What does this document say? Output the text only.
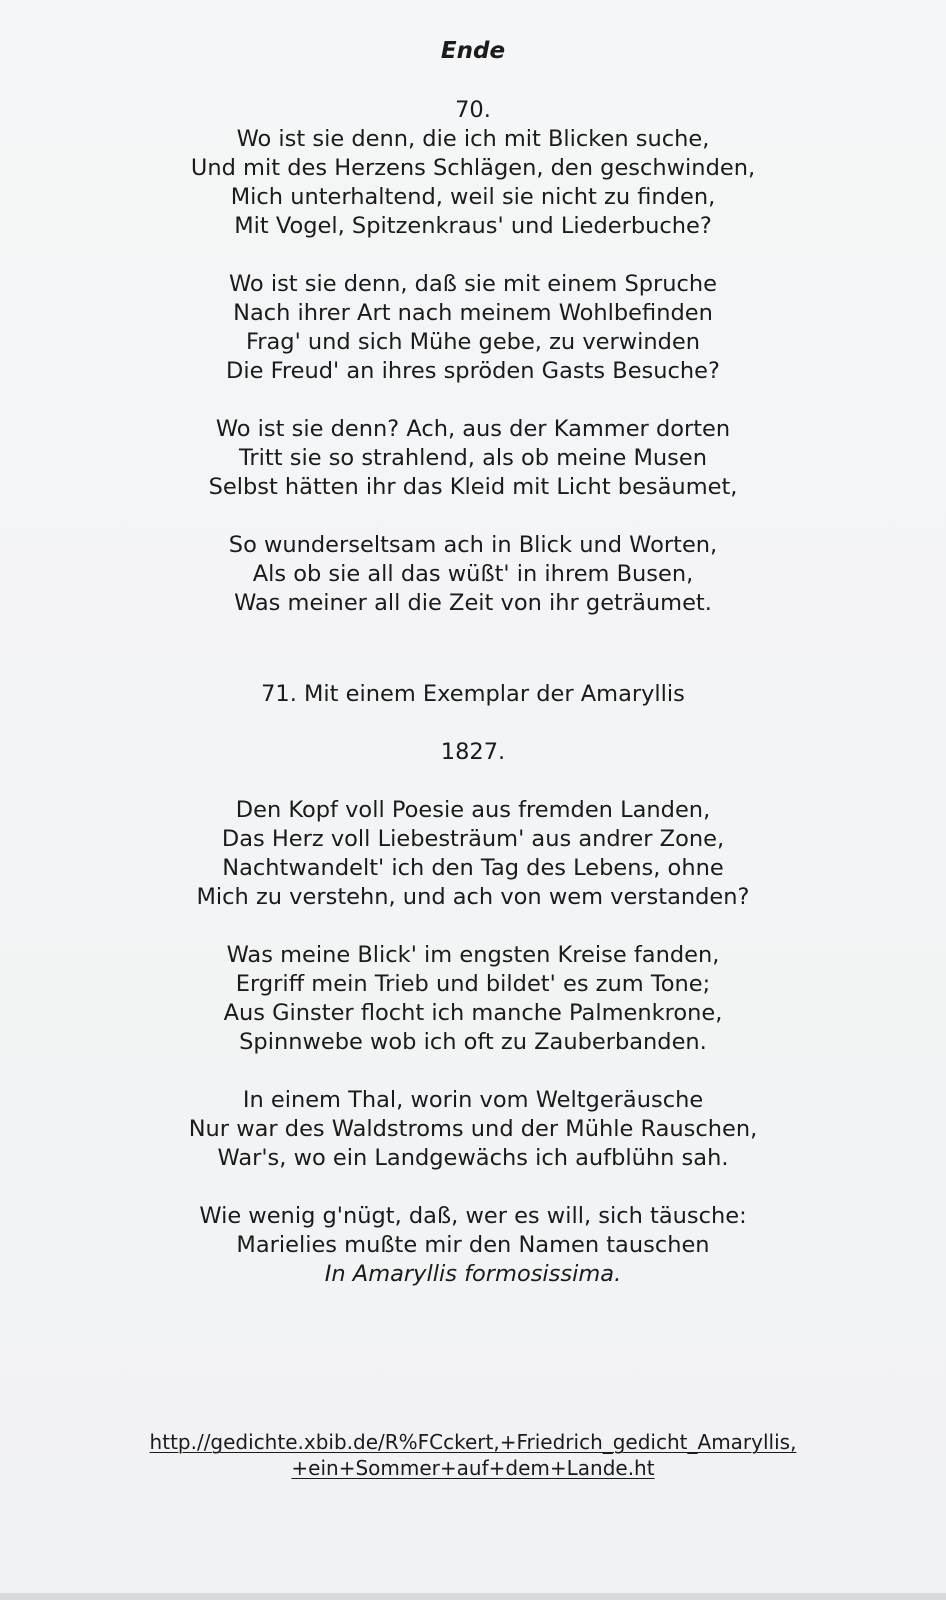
Ende
70.
Wo ist sie denn, die ich mit Blicken suche,
Und mit des Herzens Schlägen, den geschwinden,
Mich unterhaltend, weil sie nicht zu finden,
Mit Vogel, Spitzenkraus' und Liederbuche?
Wo ist sie denn, daß sie mit einem Spruche
Nach ihrer Art nach meinem Wohlbefinden
Frag' und sich Mühe gebe, zu verwinden
Die Freud' an ihres spröden Gasts Besuche?
Wo ist sie denn? Ach, aus der Kammer dorten
Tritt sie so strahlend, als ob meine Musen
Selbst hätten ihr das Kleid mit Licht besäumet,
So wunderseltsam ach in Blick und Worten,
Als ob sie all das wüßt' in ihrem Busen,
Was meiner all die Zeit von ihr geträumet.
71. Mit einem Exemplar der Amaryllis
1827.
Den Kopf voll Poesie aus fremden Landen,
Das Herz voll Liebesträum' aus andrer Zone,
Nachtwandelt' ich den Tag des Lebens, ohne
Mich zu verstehn, und ach von wem verstanden?
Was meine Blick' im engsten Kreise fanden,
Ergriff mein Trieb und bildet' es zum Tone;
Aus Ginster flocht ich manche Palmenkrone,
Spinnwebe wob ich oft zu Zauberbanden.
In einem Thal, worin vom Weltgeräusche
Nur war des Waldstroms und der Mühle Rauschen,
War's, wo ein Landgewächs ich aufblühn sah.
Wie wenig g'nügt, daß, wer es will, sich täusche:
Marielies mußte mir den Namen tauschen
In Amaryllis formosissima.
http.//gedichte.xbib.de/R%FCckert,+Friedrich_gedicht_Amaryllis,
+ein+Sommer+auf+dem+Lande.ht
